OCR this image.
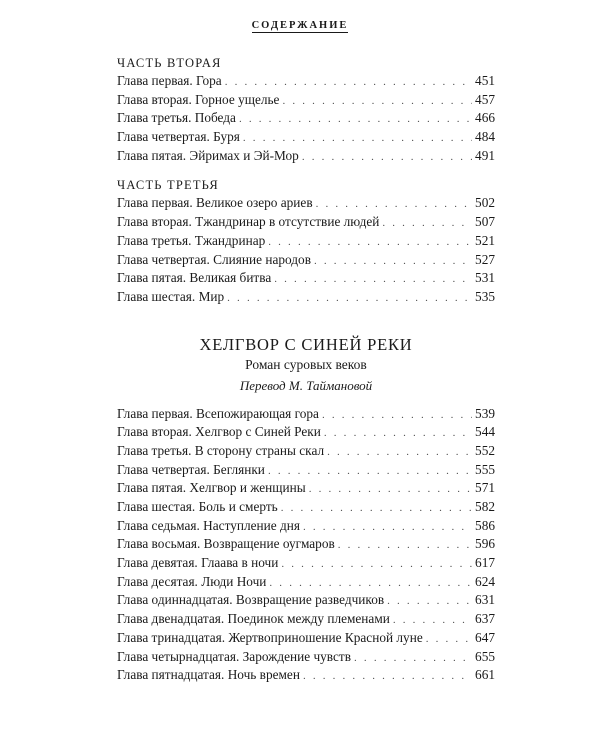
СОДЕРЖАНИЕ
ЧАСТЬ ВТОРАЯ
Глава первая. Гора . . .	451
Глава вторая. Горное ущелье . . .	457
Глава третья. Победа . . .	466
Глава четвертая. Буря . . .	484
Глава пятая. Эйримах и Эй-Мор . . .	491
ЧАСТЬ ТРЕТЬЯ
Глава первая. Великое озеро ариев . . .	502
Глава вторая. Тжандринар в отсутствие людей . . .	507
Глава третья. Тжандринар . . .	521
Глава четвертая. Слияние народов . . .	527
Глава пятая. Великая битва . . .	531
Глава шестая. Мир . . .	535
ХЕЛГВОР С СИНЕЙ РЕКИ
Роман суровых веков
Перевод М. Таймановой
Глава первая. Всепожирающая гора . . .	539
Глава вторая. Хелгвор с Синей Реки . . .	544
Глава третья. В сторону страны скал . . .	552
Глава четвертая. Беглянки . . .	555
Глава пятая. Хелгвор и женщины . . .	571
Глава шестая. Боль и смерть . . .	582
Глава седьмая. Наступление дня . . .	586
Глава восьмая. Возвращение оугмаров . . .	596
Глава девятая. Глаава в ночи . . .	617
Глава десятая. Люди Ночи . . .	624
Глава одиннадцатая. Возвращение разведчиков . . .	631
Глава двенадцатая. Поединок между племенами . . .	637
Глава тринадцатая. Жертвоприношение Красной луне . . .	647
Глава четырнадцатая. Зарождение чувств . . .	655
Глава пятнадцатая. Ночь времен . . .	661
